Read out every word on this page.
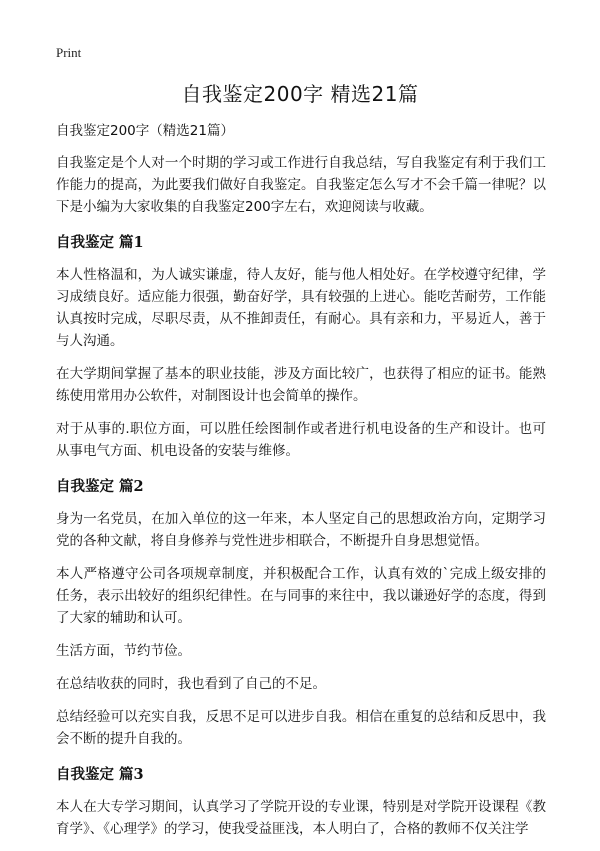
Print
自我鉴定200字 精选21篇

自我鉴定200字（精选21篇）

自我鉴定是个人对一个时期的学习或工作进行自我总结，写自我鉴定有利于我们工作能力的提高，为此要我们做好自我鉴定。自我鉴定怎么写才不会千篇一律呢？以下是小编为大家收集的自我鉴定200字左右，欢迎阅读与收藏。

自我鉴定 篇1

本人性格温和，为人诚实谦虚，待人友好，能与他人相处好。在学校遵守纪律，学习成绩良好。适应能力很强，勤奋好学，具有较强的上进心。能吃苦耐劳，工作能认真按时完成，尽职尽责，从不推卸责任，有耐心。具有亲和力，平易近人，善于与人沟通。

在大学期间掌握了基本的职业技能，涉及方面比较广，也获得了相应的证书。能熟练使用常用办公软件，对制图设计也会简单的操作。

对于从事的.职位方面，可以胜任绘图制作或者进行机电设备的生产和设计。也可从事电气方面、机电设备的安装与维修。

自我鉴定 篇2

身为一名党员，在加入单位的这一年来，本人坚定自己的思想政治方向，定期学习党的各种文献，将自身修养与党性进步相联合，不断提升自身思想觉悟。

本人严格遵守公司各项规章制度，并积极配合工作，认真有效的`完成上级安排的任务，表示出较好的组织纪律性。在与同事的来往中，我以谦逊好学的态度，得到了大家的辅助和认可。

生活方面，节约节俭。

在总结收获的同时，我也看到了自己的不足。

总结经验可以充实自我，反思不足可以进步自我。相信在重复的总结和反思中，我会不断的提升自我的。

自我鉴定 篇3

本人在大专学习期间，认真学习了学院开设的专业课，特别是对学院开设课程《教育学》、《心理学》的学习，使我受益匪浅，本人明白了，合格的教师不仅关注学
